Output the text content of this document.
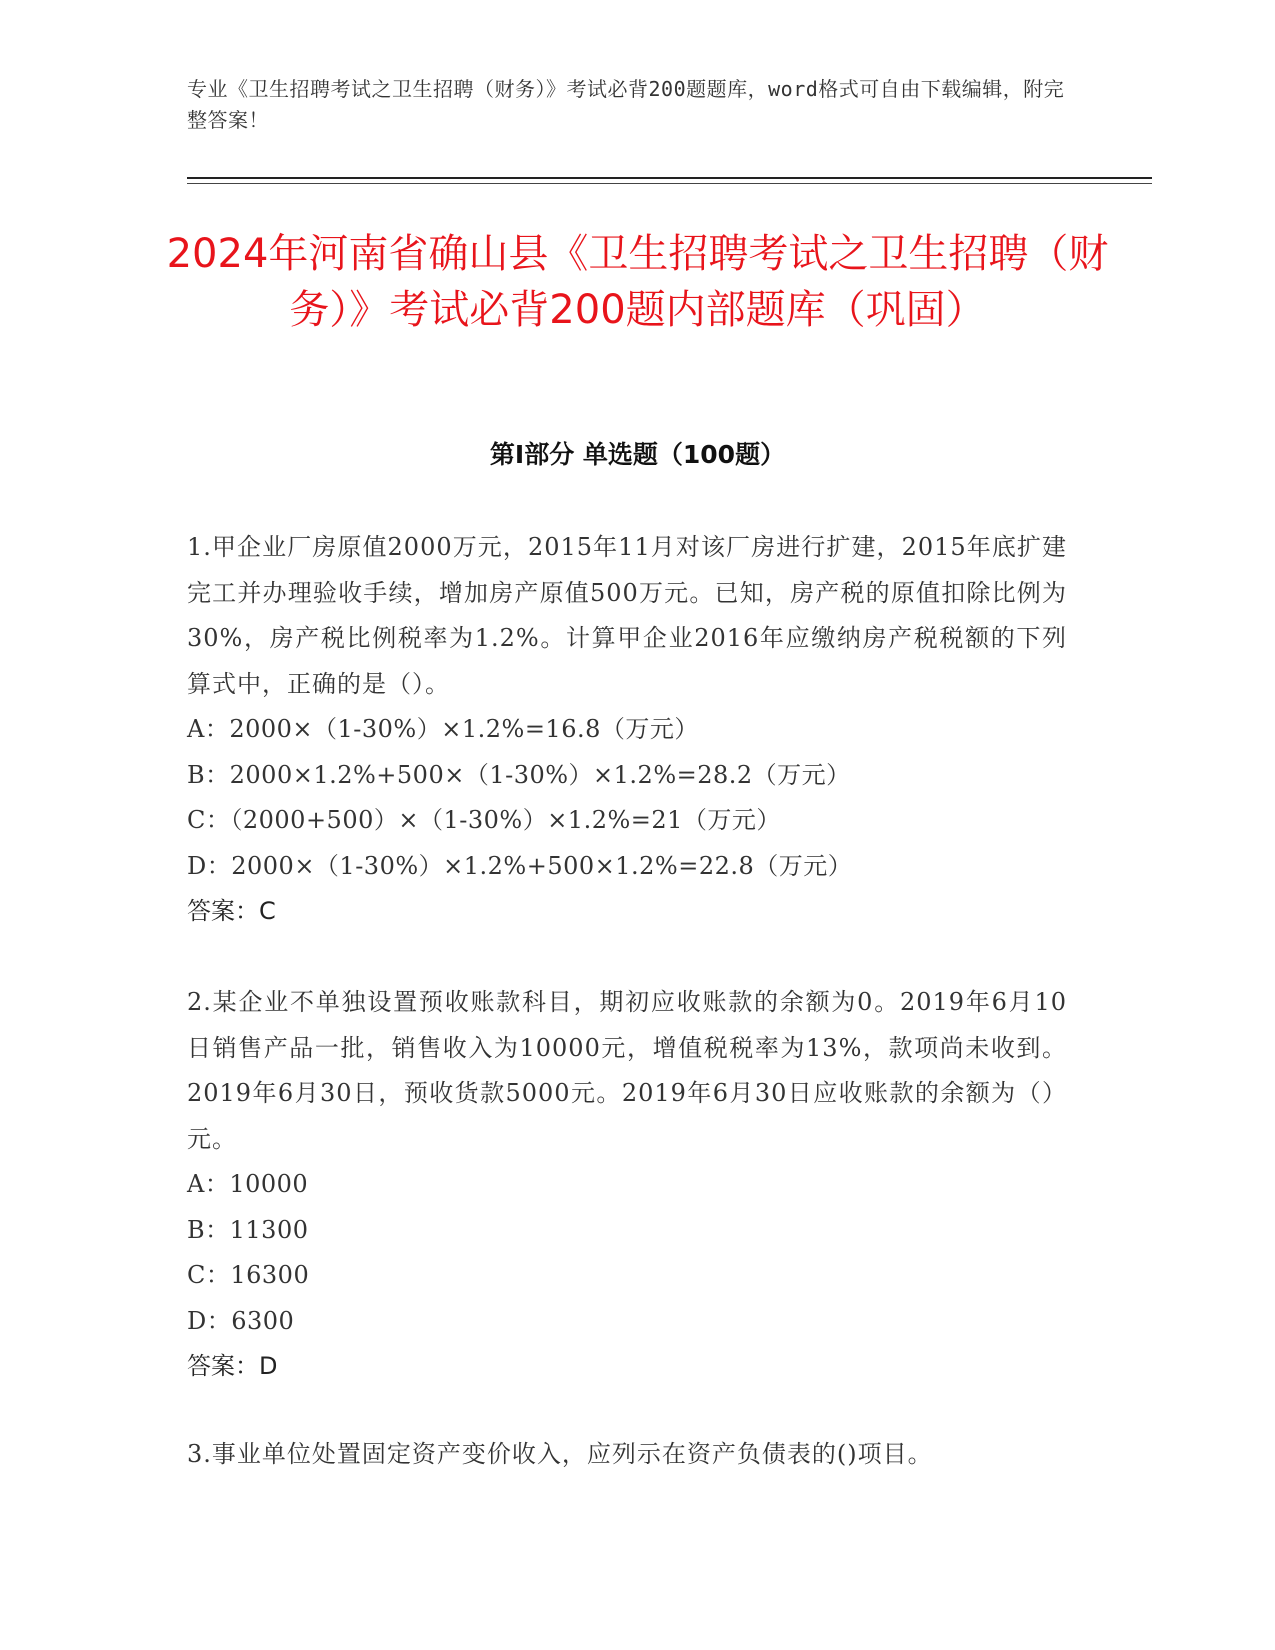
专业《卫生招聘考试之卫生招聘（财务）》考试必背200题题库，word格式可自由下载编辑，附完整答案！
2024年河南省确山县《卫生招聘考试之卫生招聘（财务）》考试必背200题内部题库（巩固）
第I部分 单选题（100题）

1.甲企业厂房原值2000万元，2015年11月对该厂房进行扩建，2015年底扩建完工并办理验收手续，增加房产原值500万元。已知，房产税的原值扣除比例为30%，房产税比例税率为1.2%。计算甲企业2016年应缴纳房产税税额的下列算式中，正确的是（）。

A：2000×（1-30%）×1.2%=16.8（万元）

B：2000×1.2%+500×（1-30%）×1.2%=28.2（万元）

C：（2000+500）×（1-30%）×1.2%=21（万元）

D：2000×（1-30%）×1.2%+500×1.2%=22.8（万元）

答案：C

2.某企业不单独设置预收账款科目，期初应收账款的余额为0。2019年6月10日销售产品一批，销售收入为10000元，增值税税率为13%，款项尚未收到。2019年6月30日，预收货款5000元。2019年6月30日应收账款的余额为（）元。

A：10000

B：11300

C：16300

D：6300

答案：D

3.事业单位处置固定资产变价收入，应列示在资产负债表的()项目。
